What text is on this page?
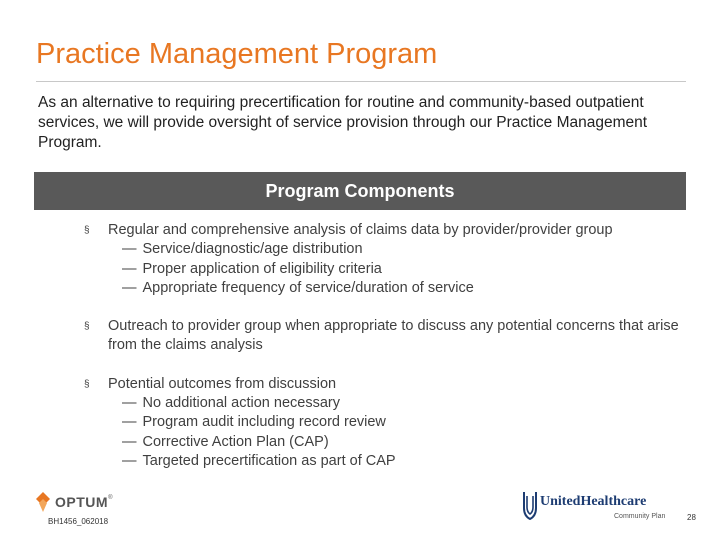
Practice Management Program
As an alternative to requiring precertification for routine and community-based outpatient services, we will provide oversight of service provision through our Practice Management Program.
Program Components
§ Regular and comprehensive analysis of claims data by provider/provider group
— Service/diagnostic/age distribution
— Proper application of eligibility criteria
— Appropriate frequency of service/duration of service
§ Outreach to provider group when appropriate to discuss any potential concerns that arise from the claims analysis
§ Potential outcomes from discussion
— No additional action necessary
— Program audit including record review
— Corrective Action Plan (CAP)
— Targeted precertification as part of CAP
OPTUM ®
BH1456_062018
UnitedHealthcare
Community Plan	28
